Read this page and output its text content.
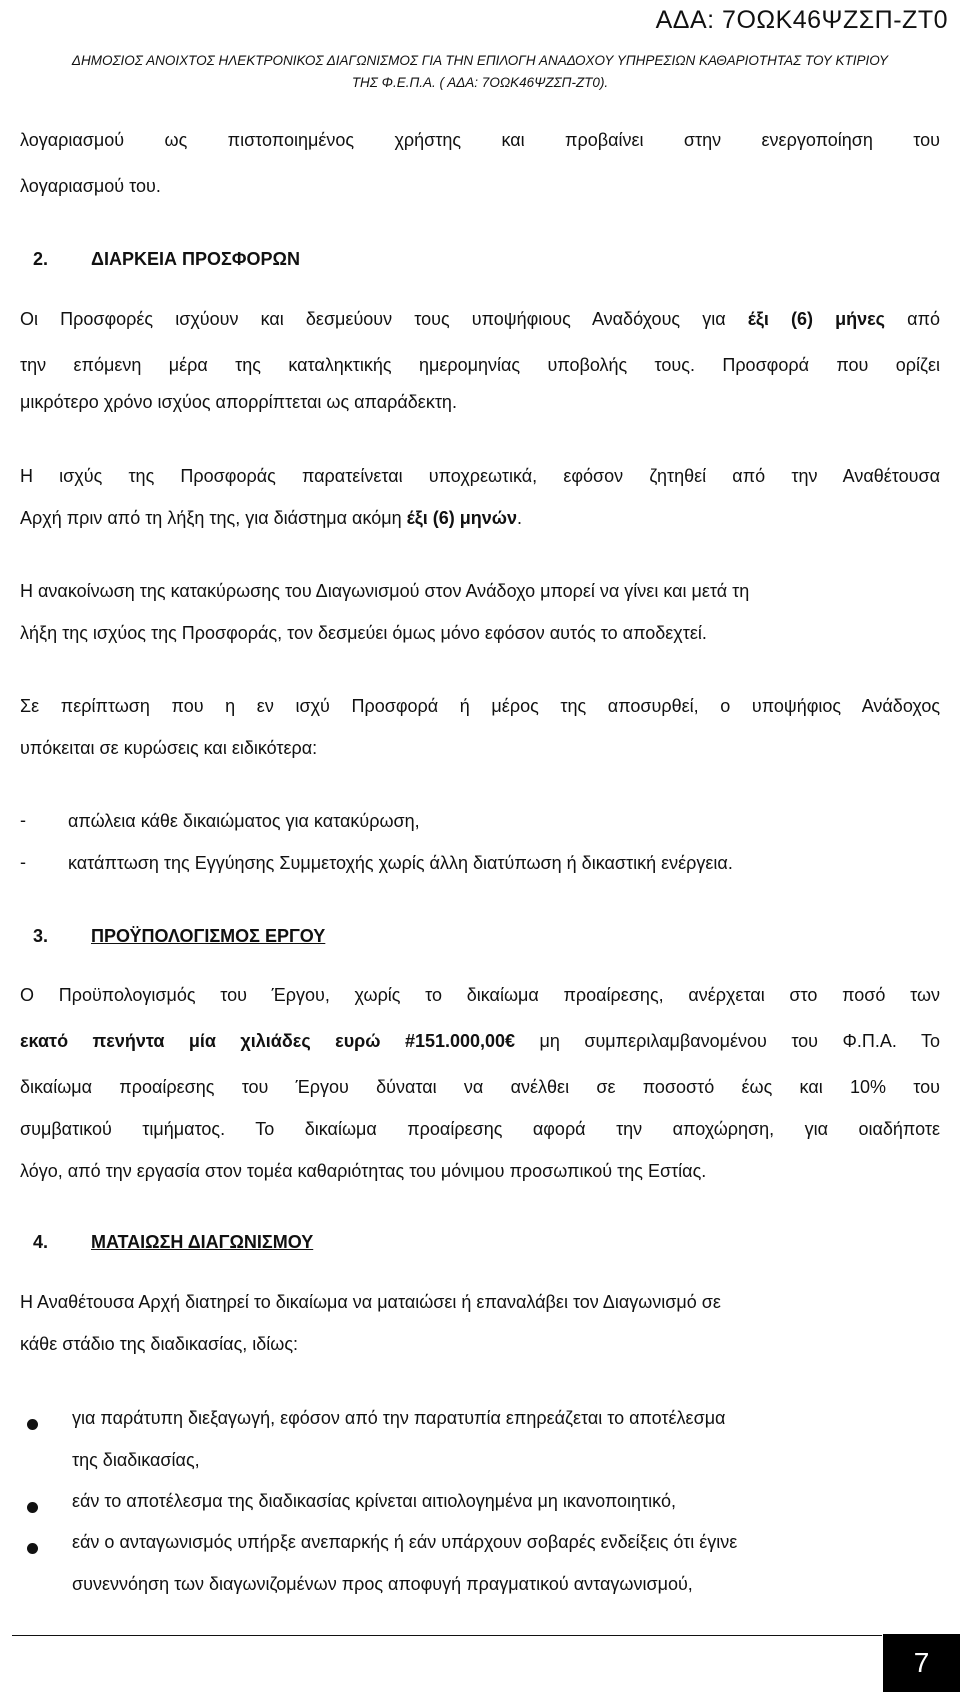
ΑΔΑ: 7ΟΩΚ46ΨΖΣΠ-ΖΤ0
ΔΗΜΟΣΙΟΣ ΑΝΟΙΧΤΟΣ ΗΛΕΚΤΡΟΝΙΚΟΣ ΔΙΑΓΩΝΙΣΜΟΣ ΓΙΑ ΤΗΝ ΕΠΙΛΟΓΗ ΑΝΑΔΟΧΟΥ ΥΠΗΡΕΣΙΩΝ ΚΑΘΑΡΙΟΤΗΤΑΣ ΤΟΥ ΚΤΙΡΙΟΥ
ΤΗΣ Φ.Ε.Π.Α. ( ΑΔΑ: 7ΟΩΚ46ΨΖΣΠ-ΖΤ0).
λογαριασμού ως πιστοποιημένος χρήστης και προβαίνει στην ενεργοποίηση του
λογαριασμού του.
2. ΔΙΑΡΚΕΙΑ ΠΡΟΣΦΟΡΩΝ
Οι Προσφορές ισχύουν και δεσμεύουν τους υποψήφιους Αναδόχους για έξι (6) μήνες από
την επόμενη μέρα της καταληκτικής ημερομηνίας υποβολής τους. Προσφορά που ορίζει
μικρότερο χρόνο ισχύος απορρίπτεται ως απαράδεκτη.
Η ισχύς της Προσφοράς παρατείνεται υποχρεωτικά, εφόσον ζητηθεί από την Αναθέτουσα
Αρχή πριν από τη λήξη της, για διάστημα ακόμη έξι (6) μηνών.
Η ανακοίνωση της κατακύρωσης του Διαγωνισμού στον Ανάδοχο μπορεί να γίνει και μετά τη
λήξη της ισχύος της Προσφοράς, τον δεσμεύει όμως μόνο εφόσον αυτός το αποδεχτεί.
Σε περίπτωση που η εν ισχύ Προσφορά ή μέρος της αποσυρθεί, ο υποψήφιος Ανάδοχος
υπόκειται σε κυρώσεις και ειδικότερα:
- απώλεια κάθε δικαιώματος για κατακύρωση,
- κατάπτωση της Εγγύησης Συμμετοχής χωρίς άλλη διατύπωση ή δικαστική ενέργεια.
3. ΠΡΟΫΠΟΛΟΓΙΣΜΟΣ ΕΡΓΟΥ
Ο Προϋπολογισμός του Έργου, χωρίς το δικαίωμα προαίρεσης, ανέρχεται στο ποσό των
εκατό πενήντα μία χιλιάδες ευρώ #151.000,00€ μη συμπεριλαμβανομένου του Φ.Π.Α. Το
δικαίωμα προαίρεσης του Έργου δύναται να ανέλθει σε ποσοστό έως και 10% του
συμβατικού τιμήματος. Το δικαίωμα προαίρεσης αφορά την αποχώρηση, για οιαδήποτε
λόγο, από την εργασία στον τομέα καθαριότητας του μόνιμου προσωπικού της Εστίας.
4. ΜΑΤΑΙΩΣΗ ΔΙΑΓΩΝΙΣΜΟΥ
Η Αναθέτουσα Αρχή διατηρεί το δικαίωμα να ματαιώσει ή επαναλάβει τον Διαγωνισμό σε
κάθε στάδιο της διαδικασίας, ιδίως:
για παράτυπη διεξαγωγή, εφόσον από την παρατυπία επηρεάζεται το αποτέλεσμα
της διαδικασίας,
εάν το αποτέλεσμα της διαδικασίας κρίνεται αιτιολογημένα μη ικανοποιητικό,
εάν ο ανταγωνισμός υπήρξε ανεπαρκής ή εάν υπάρχουν σοβαρές ενδείξεις ότι έγινε
συνεννόηση των διαγωνιζομένων προς αποφυγή πραγματικού ανταγωνισμού,
7
